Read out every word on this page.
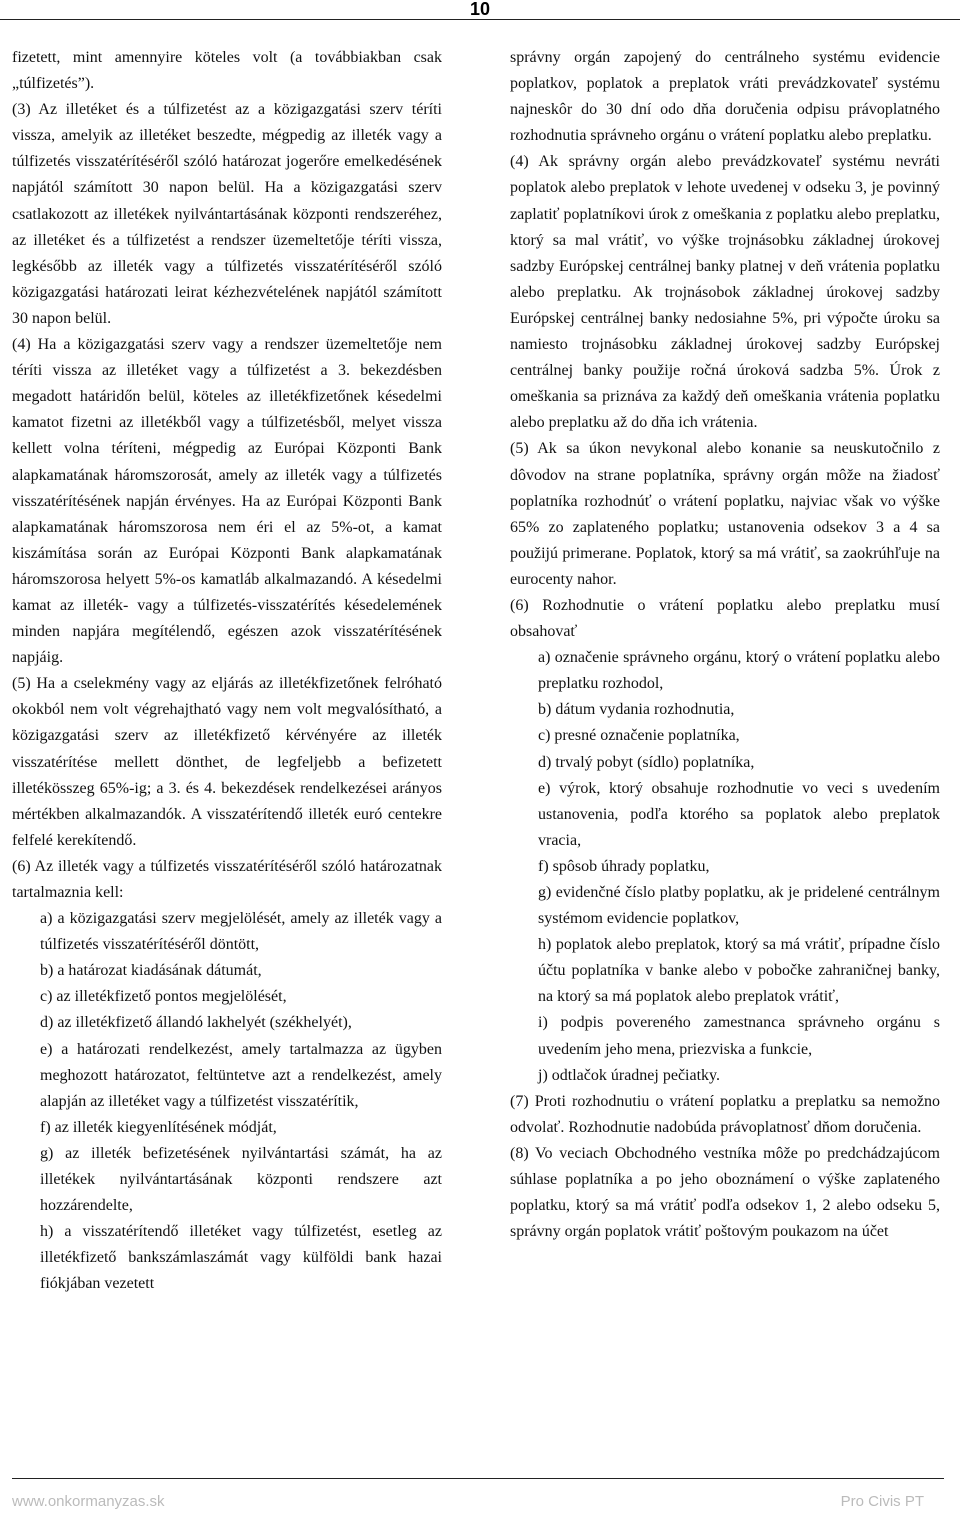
10

fizetett, mint amennyire köteles volt (a továbbiakban csak „túlfizetés”).

(3) Az illetéket és a túlfizetést az a közigazgatási szerv téríti vissza, amelyik az illetéket beszedte, mégpedig az illeték vagy a túlfizetés visszatérítéséről szóló határozat jogerőre emelkedésének napjától számított 30 napon belül. Ha a közigazgatási szerv csatlakozott az illetékek nyilvántartásának központi rendszeréhez, az illetéket és a túlfizetést a rendszer üzemeltetője téríti vissza, legkésőbb az illeték vagy a túlfizetés visszatérítéséről szóló közigazgatási határozati leirat kézhezvételének napjától számított 30 napon belül.

(4) Ha a közigazgatási szerv vagy a rendszer üzemeltetője nem téríti vissza az illetéket vagy a túlfizetést a 3. bekezdésben megadott határidőn belül, köteles az illetékfizetőnek késedelmi kamatot fizetni az illetékből vagy a túlfizetésből, melyet vissza kellett volna téríteni, mégpedig az Európai Központi Bank alapkamatának háromszorosát, amely az illeték vagy a túlfizetés visszatérítésének napján érvényes. Ha az Európai Központi Bank alapkamatának háromszorosa nem éri el az 5%-ot, a kamat kiszámítása során az Európai Központi Bank alapkamatának háromszorosa helyett 5%-os kamatláb alkalmazandó. A késedelmi kamat az illeték- vagy a túlfizetés-visszatérítés késedelemének minden napjára megítélendő, egészen azok visszatérítésének napjáig.

(5) Ha a cselekmény vagy az eljárás az illetékfizetőnek felróható okokból nem volt végrehajtható vagy nem volt megvalósítható, a közigazgatási szerv az illetékfizető kérvényére az illeték visszatérítése mellett dönthet, de legfeljebb a befizetett illetékösszeg 65%-ig; a 3. és 4. bekezdések rendelkezései arányos mértékben alkalmazandók. A visszatérítendő illeték euró centekre felfelé kerekítendő.

(6) Az illeték vagy a túlfizetés visszatérítéséről szóló határozatnak tartalmaznia kell:

a) a közigazgatási szerv megjelölését, amely az illeték vagy a túlfizetés visszatérítéséről döntött,

b) a határozat kiadásának dátumát,

c) az illetékfizető pontos megjelölését,

d) az illetékfizető állandó lakhelyét (székhelyét),

e) a határozati rendelkezést, amely tartalmazza az ügyben meghozott határozatot, feltüntetve azt a rendelkezést, amely alapján az illetéket vagy a túlfizetést visszatérítik,

f) az illeték kiegyenlítésének módját,

g) az illeték befizetésének nyilvántartási számát, ha az illetékek nyilvántartásának központi rendszere azt hozzárendelte,

h) a visszatérítendő illetéket vagy túlfizetést, esetleg az illetékfizető bankszámlaszámát vagy külföldi bank hazai fiókjában vezetett

správny orgán zapojený do centrálneho systému evidencie poplatkov, poplatok a preplatok vráti prevádzkovateľ systému najneskôr do 30 dní odo dňa doručenia odpisu právoplatného rozhodnutia správneho orgánu o vrátení poplatku alebo preplatku.

(4) Ak správny orgán alebo prevádzkovateľ systému nevráti poplatok alebo preplatok v lehote uvedenej v odseku 3, je povinný zaplatiť poplatníkovi úrok z omeškania z poplatku alebo preplatku, ktorý sa mal vrátiť, vo výške trojnásobku základnej úrokovej sadzby Európskej centrálnej banky platnej v deň vrátenia poplatku alebo preplatku. Ak trojnásobok základnej úrokovej sadzby Európskej centrálnej banky nedosiahne 5%, pri výpočte úroku sa namiesto trojnásobku základnej úrokovej sadzby Európskej centrálnej banky použije ročná úroková sadzba 5%. Úrok z omeškania sa priznáva za každý deň omeškania vrátenia poplatku alebo preplatku až do dňa ich vrátenia.

(5) Ak sa úkon nevykonal alebo konanie sa neuskutočnilo z dôvodov na strane poplatníka, správny orgán môže na žiadosť poplatníka rozhodnúť o vrátení poplatku, najviac však vo výške 65% zo zaplateného poplatku; ustanovenia odsekov 3 a 4 sa použijú primerane. Poplatok, ktorý sa má vrátiť, sa zaokrúhľuje na eurocenty nahor.

(6) Rozhodnutie o vrátení poplatku alebo preplatku musí obsahovať

a) označenie správneho orgánu, ktorý o vrátení poplatku alebo preplatku rozhodol,

b) dátum vydania rozhodnutia,

c) presné označenie poplatníka,

d) trvalý pobyt (sídlo) poplatníka,

e) výrok, ktorý obsahuje rozhodnutie vo veci s uvedením ustanovenia, podľa ktorého sa poplatok alebo preplatok vracia,

f) spôsob úhrady poplatku,

g) evidenčné číslo platby poplatku, ak je pridelené centrálnym systémom evidencie poplatkov,

h) poplatok alebo preplatok, ktorý sa má vrátiť, prípadne číslo účtu poplatníka v banke alebo v pobočke zahraničnej banky, na ktorý sa má poplatok alebo preplatok vrátiť,

i) podpis povereného zamestnanca správneho orgánu s uvedením jeho mena, priezviska a funkcie,

j) odtlačok úradnej pečiatky.

(7) Proti rozhodnutiu o vrátení poplatku a preplatku sa nemožno odvolať. Rozhodnutie nadobúda právoplatnosť dňom doručenia.

(8) Vo veciach Obchodného vestníka môže po predchádzajúcom súhlase poplatníka a po jeho oboznámení o výške zaplateného poplatku, ktorý sa má vrátiť podľa odsekov 1, 2 alebo odseku 5, správny orgán poplatok vrátiť poštovým poukazom na účet

www.onkormanyzas.sk	Pro Civis PT
